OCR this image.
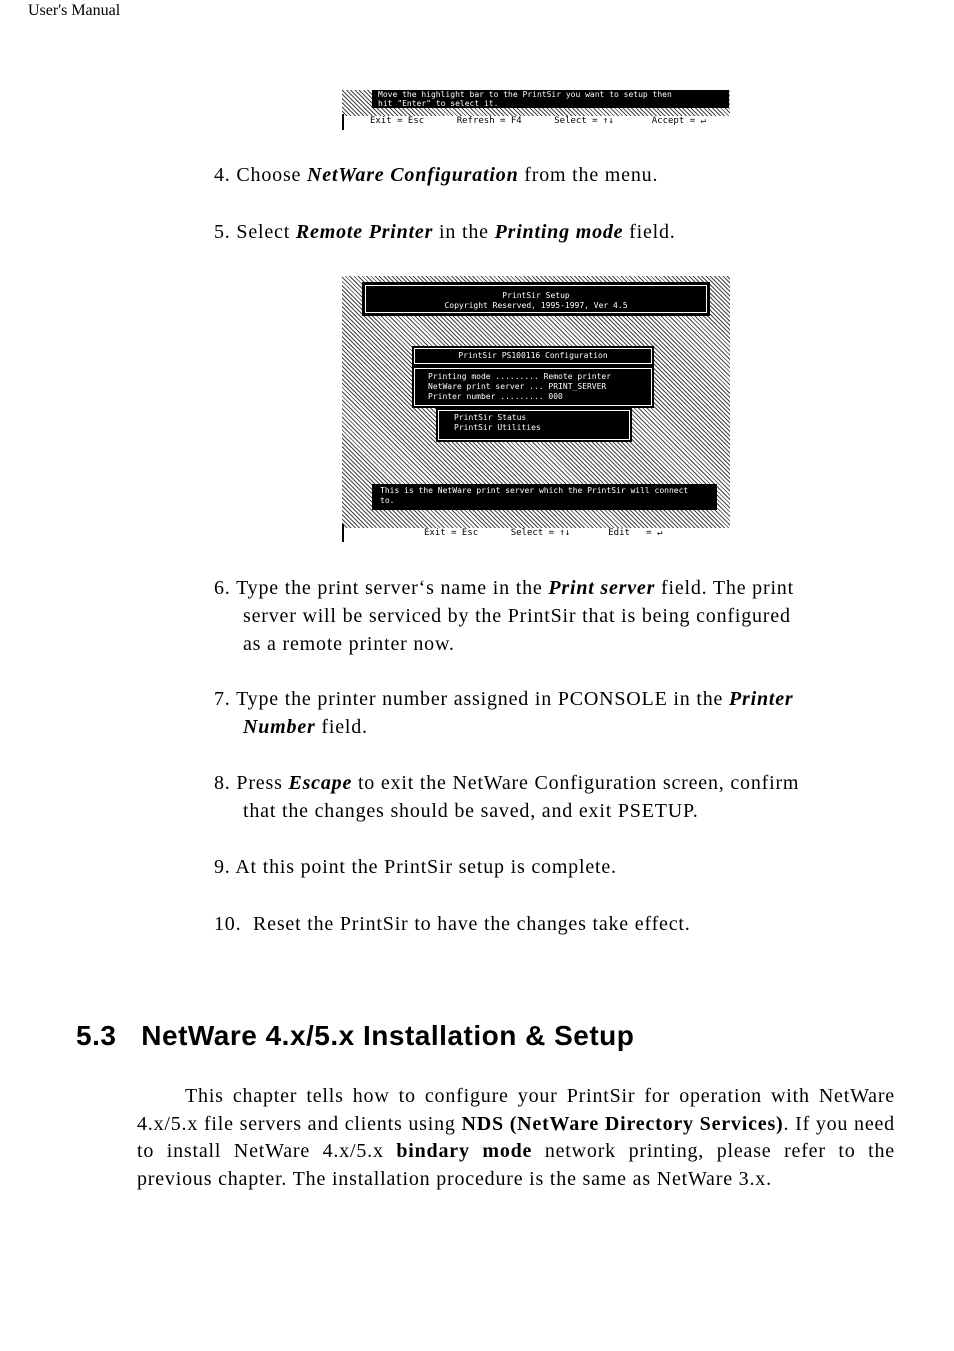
User's Manual
Move the highlight bar to the PrintSir you want to setup then
hit "Enter" to select it.
Exit = Esc      Refresh = F4      Select = ↑↓       Accept = ↵
4. Choose NetWare Configuration from the menu.
5. Select Remote Printer in the Printing mode field.
PrintSir Setup
Copyright Reserved, 1995-1997, Ver 4.5
PrintSir PS100116 Configuration
Printing mode ......... Remote printer
NetWare print server ... PRINT_SERVER
Printer number ......... 000
PrintSir Status
PrintSir Utilities
This is the NetWare print server which the PrintSir will connect
to.
Exit = Esc      Select = ↑↓       Edit   = ↵
6. Type the print server‘s name in the Print server field. The print
server will be serviced by the PrintSir that is being configured
as a remote printer now.
7. Type the printer number assigned in PCONSOLE in the Printer
Number field.
8. Press Escape to exit the NetWare Configuration screen, confirm
that the changes should be saved, and exit PSETUP.
9. At this point the PrintSir setup is complete.
10. Reset the PrintSir to have the changes take effect.
5.3 NetWare 4.x/5.x Installation & Setup
This chapter tells how to configure your PrintSir for operation with NetWare 4.x/5.x file servers and clients using NDS (NetWare Directory Services). If you need to install NetWare 4.x/5.x bindary mode network printing, please refer to the previous chapter. The installation procedure is the same as NetWare 3.x.
